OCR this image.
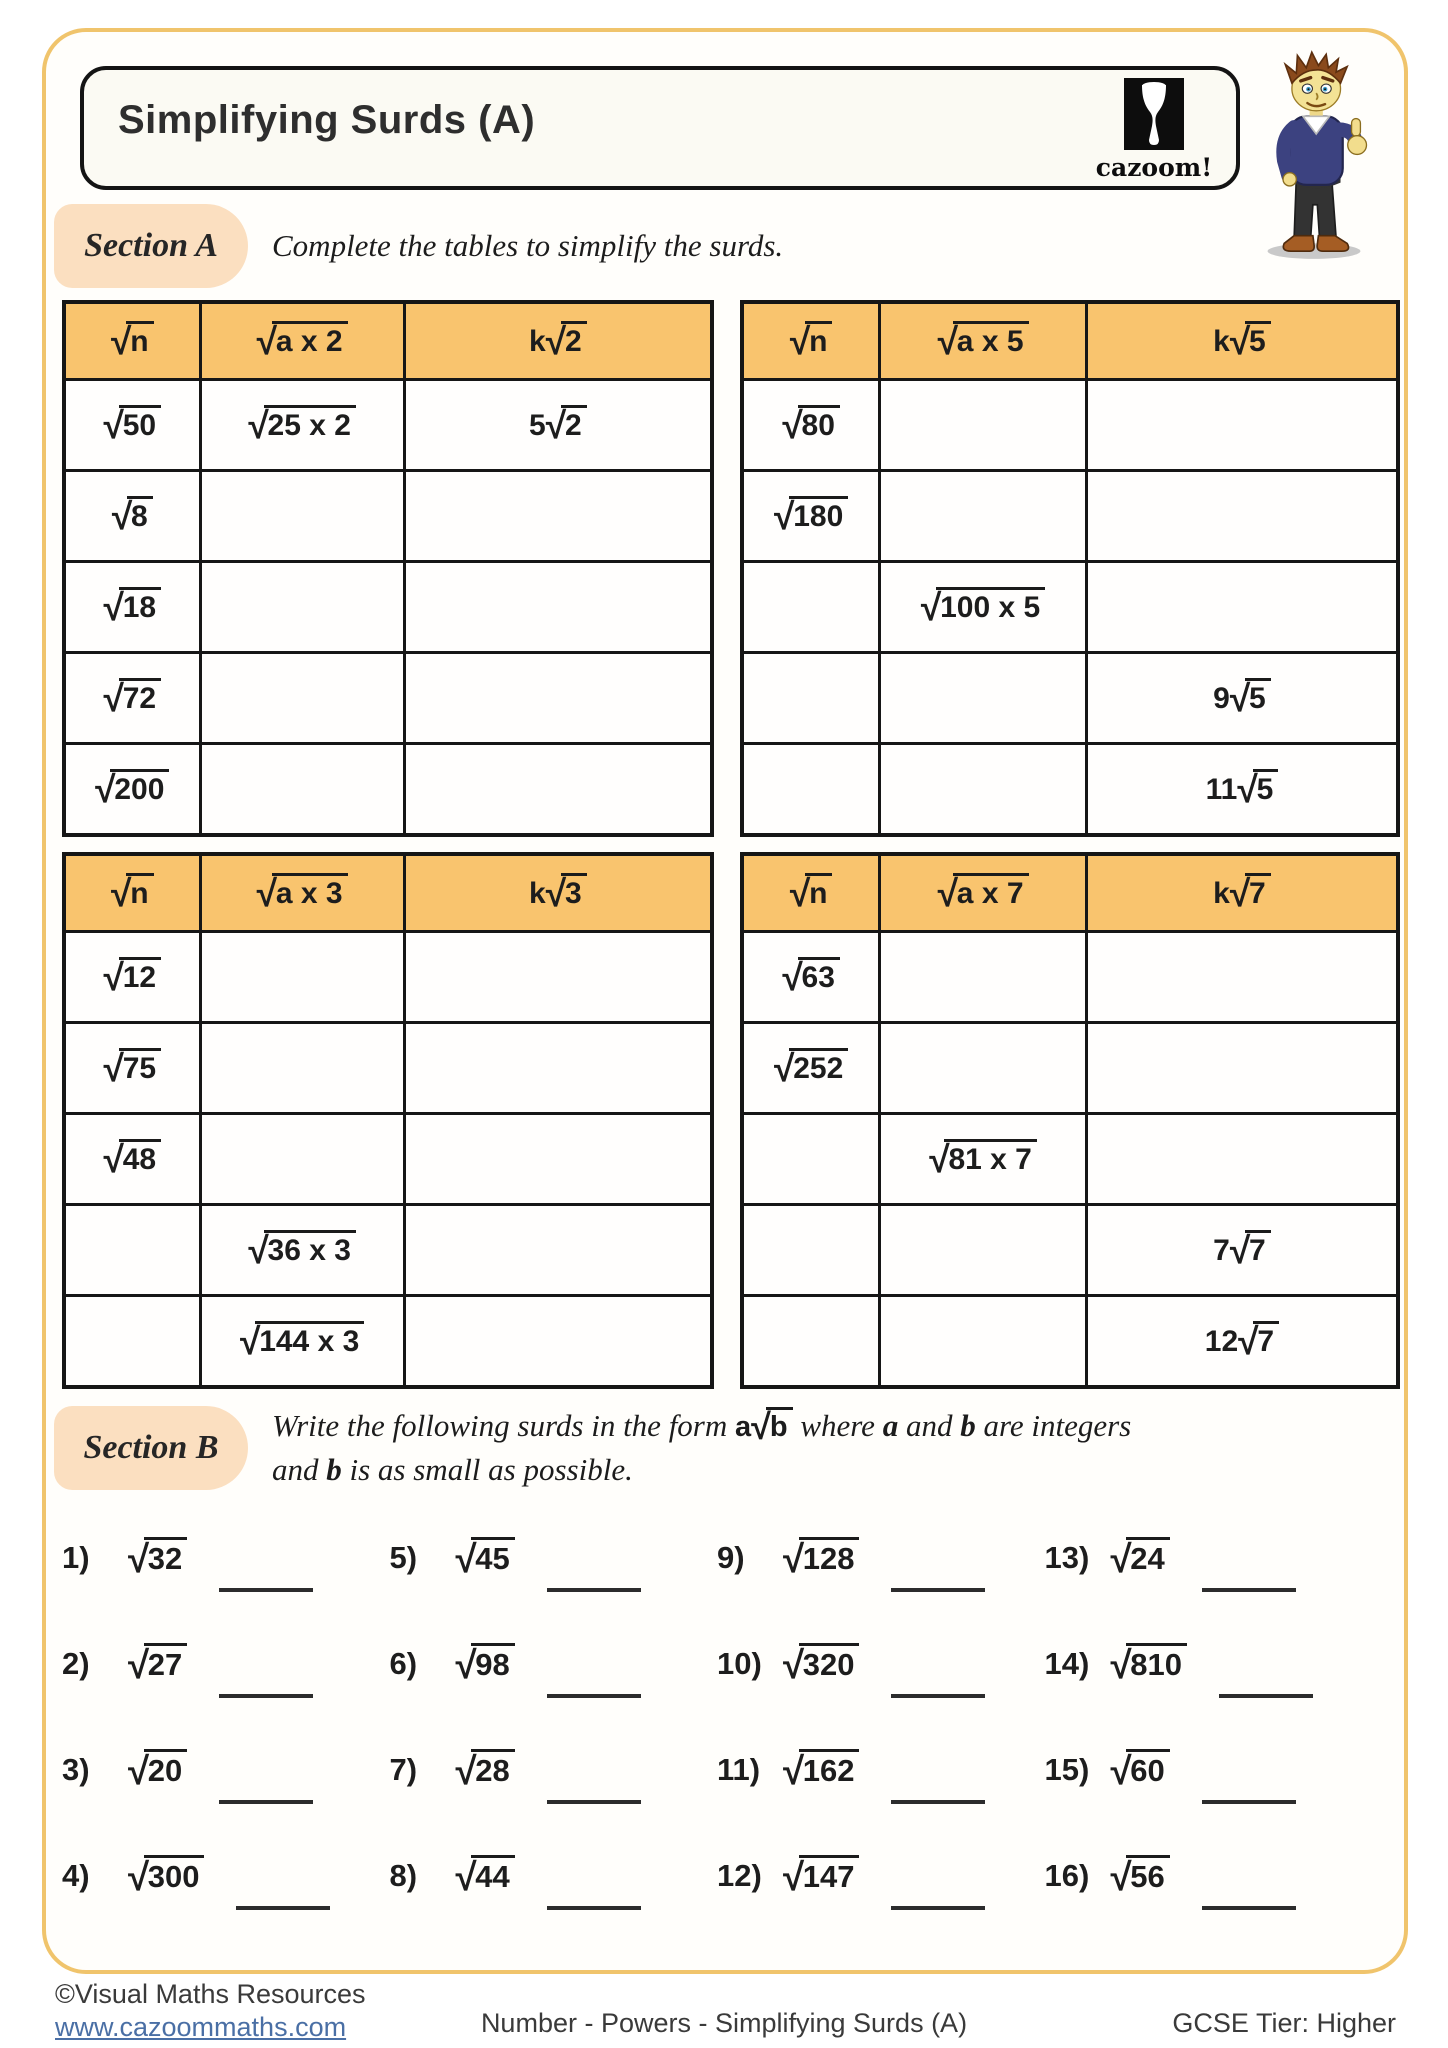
Simplifying Surds (A)
cazoom!
Section A Complete the tables to simplify the surds.
√n	√a x 2	k√2
√50	√25 x 2	5√2
√8		
√18		
√72		
√200		
√n	√a x 5	k√5
√80		
√180		
	√100 x 5	
		9√5
		11√5
√n	√a x 3	k√3
√12		
√75		
√48		
	√36 x 3	
	√144 x 3	
√n	√a x 7	k√7
√63		
√252		
	√81 x 7	
		7√7
		12√7
Section B
Write the following surds in the form a√b where a and b are integers
and b is as small as possible.
1) √32	5) √45	9) √128	13) √24
2) √27	6) √98	10) √320	14) √810
3) √20	7) √28	11) √162	15) √60
4) √300	8) √44	12) √147	16) √56
©Visual Maths Resources
www.cazoommaths.com	Number - Powers - Simplifying Surds (A)	GCSE Tier: Higher
